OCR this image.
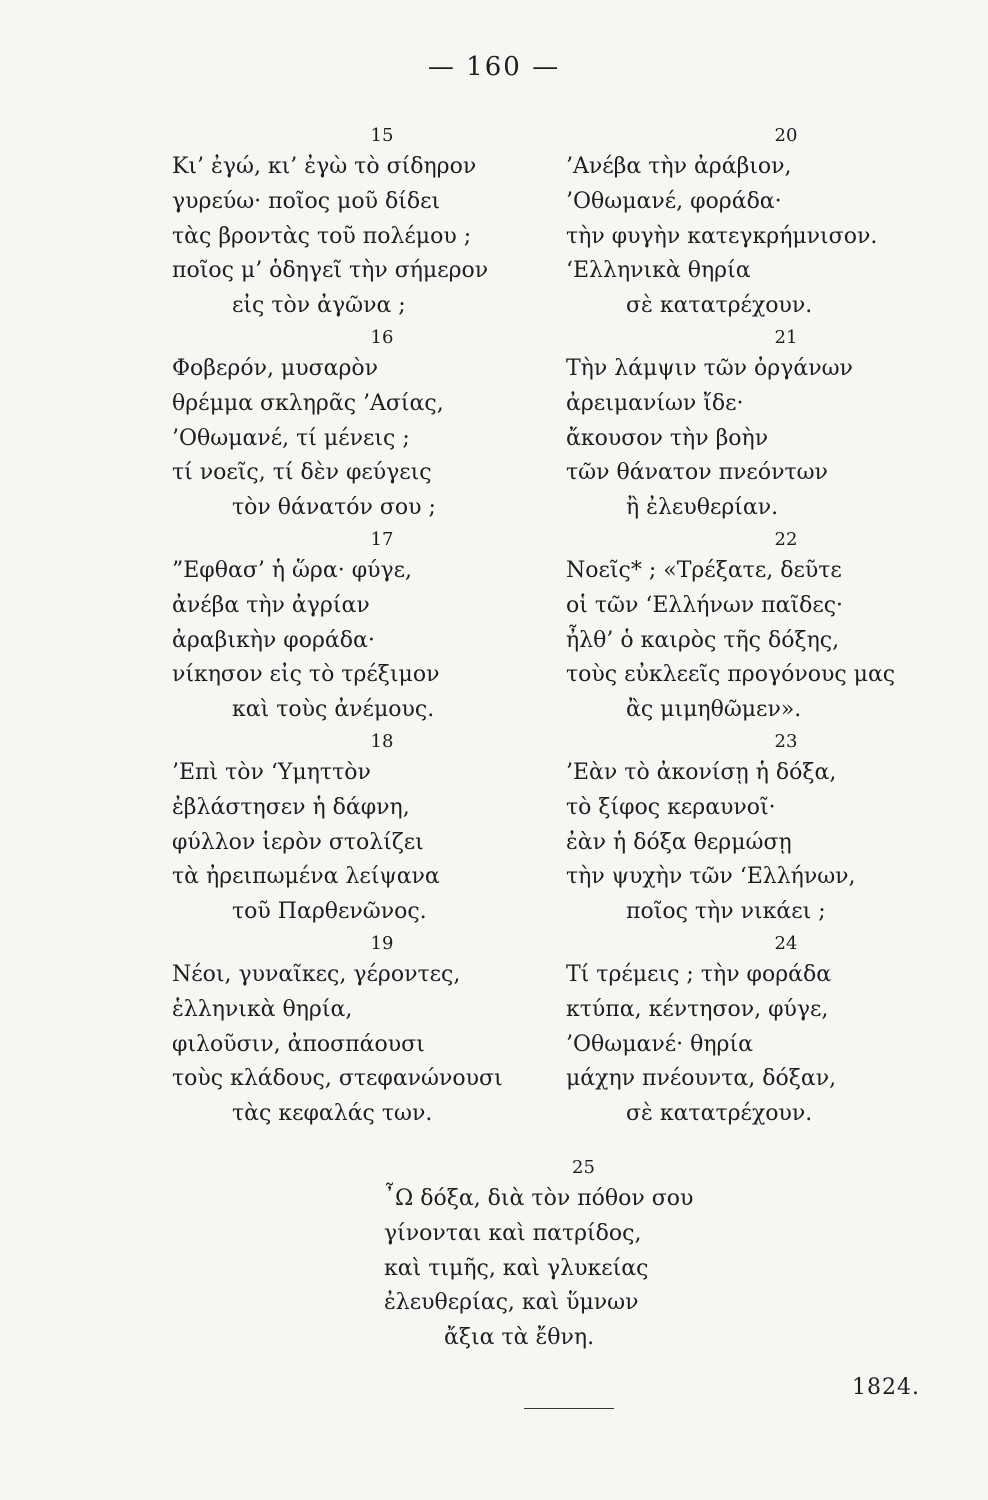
— 160 —
15
Κι’ ἐγώ, κι’ ἐγὼ τὸ σίδηρον
γυρεύω· ποῖος μοῦ δίδει
τὰς βροντὰς τοῦ πολέμου ;
ποῖος μ’ ὁδηγεῖ τὴν σήμερον
εἰς τὸν ἀγῶνα ;
16
Φοβερόν, μυσαρὸν
θρέμμα σκληρᾶς ’Ασίας,
’Οθωμανέ, τί μένεις ;
τί νοεῖς, τί δὲν φεύγεις
τὸν θάνατόν σου ;
17
”Εφθασ’ ἡ ὥρα· φύγε,
ἀνέβα τὴν ἀγρίαν
ἀραβικὴν φοράδα·
νίκησον εἰς τὸ τρέξιμον
καὶ τοὺς ἀνέμους.
18
’Επὶ τὸν ‘Υμηττὸν
ἐβλάστησεν ἡ δάφνη,
φύλλον ἱερὸν στολίζει
τὰ ἠρειπωμένα λείψανα
τοῦ Παρθενῶνος.
19
Νέοι, γυναῖκες, γέροντες,
ἑλληνικὰ θηρία,
φιλοῦσιν, ἀποσπάουσι
τοὺς κλάδους, στεφανώνουσι
τὰς κεφαλάς των.
20
’Ανέβα τὴν ἀράβιον,
’Οθωμανέ, φοράδα·
τὴν φυγὴν κατεγκρήμνισον.
‘Ελληνικὰ θηρία
σὲ κατατρέχουν.
21
Τὴν λάμψιν τῶν ὀργάνων
ἀρειμανίων ἴδε·
ἄκουσον τὴν βοὴν
τῶν θάνατον πνεόντων
ἢ ἐλευθερίαν.
22
Νοεῖς* ; «Τρέξατε, δεῦτε
οἱ τῶν ‘Ελλήνων παῖδες·
ἦλθ’ ὁ καιρὸς τῆς δόξης,
τοὺς εὐκλεεῖς προγόνους μας
ἂς μιμηθῶμεν».
23
’Εὰν τὸ ἀκονίσῃ ἡ δόξα,
τὸ ξίφος κεραυνοῖ·
ἐὰν ἡ δόξα θερμώσῃ
τὴν ψυχὴν τῶν ‘Ελλήνων,
ποῖος τὴν νικάει ;
24
Τί τρέμεις ; τὴν φοράδα
κτύπα, κέντησον, φύγε,
’Οθωμανέ· θηρία
μάχην πνέουντα, δόξαν,
σὲ κατατρέχουν.
25
῏Ω δόξα, διὰ τὸν πόθον σου
γίνονται καὶ πατρίδος,
καὶ τιμῆς, καὶ γλυκείας
ἐλευθερίας, καὶ ὕμνων
ἄξια τὰ ἔθνη.
1824.
